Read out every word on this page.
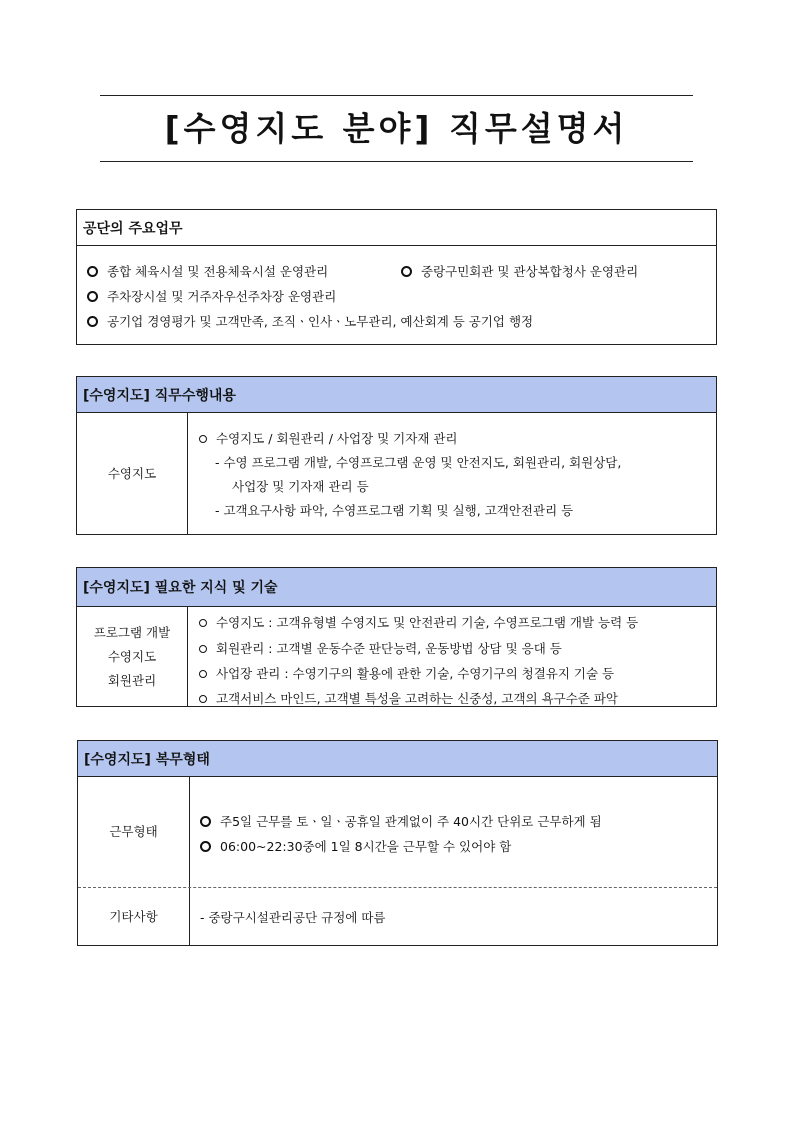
[수영지도 분야] 직무설명서
공단의 주요업무
종합 체육시설 및 전용체육시설 운영관리	중랑구민회관 및 관상복합청사 운영관리
주차장시설 및 거주자우선주차장 운영관리
공기업 경영평가 및 고객만족, 조직ㆍ인사ㆍ노무관리, 예산회계 등 공기업 행정
[수영지도] 직무수행내용
수영지도
수영지도 / 회원관리 / 사업장 및 기자재 관리
- 수영 프로그램 개발, 수영프로그램 운영 및 안전지도, 회원관리, 회원상담,
사업장 및 기자재 관리 등
- 고객요구사항 파악, 수영프로그램 기획 및 실행, 고객안전관리 등
[수영지도] 필요한 지식 및 기술
프로그램 개발
수영지도
회원관리
수영지도 : 고객유형별 수영지도 및 안전관리 기술, 수영프로그램 개발 능력 등
회원관리 : 고객별 운동수준 판단능력, 운동방법 상담 및 응대 등
사업장 관리 : 수영기구의 활용에 관한 기술, 수영기구의 청결유지 기술 등
고객서비스 마인드, 고객별 특성을 고려하는 신중성, 고객의 욕구수준 파악
[수영지도] 복무형태
근무형태
주5일 근무를 토ㆍ일ㆍ공휴일 관계없이 주 40시간 단위로 근무하게 됨
06:00~22:30중에 1일 8시간을 근무할 수 있어야 함
기타사항	- 중랑구시설관리공단 규정에 따름
